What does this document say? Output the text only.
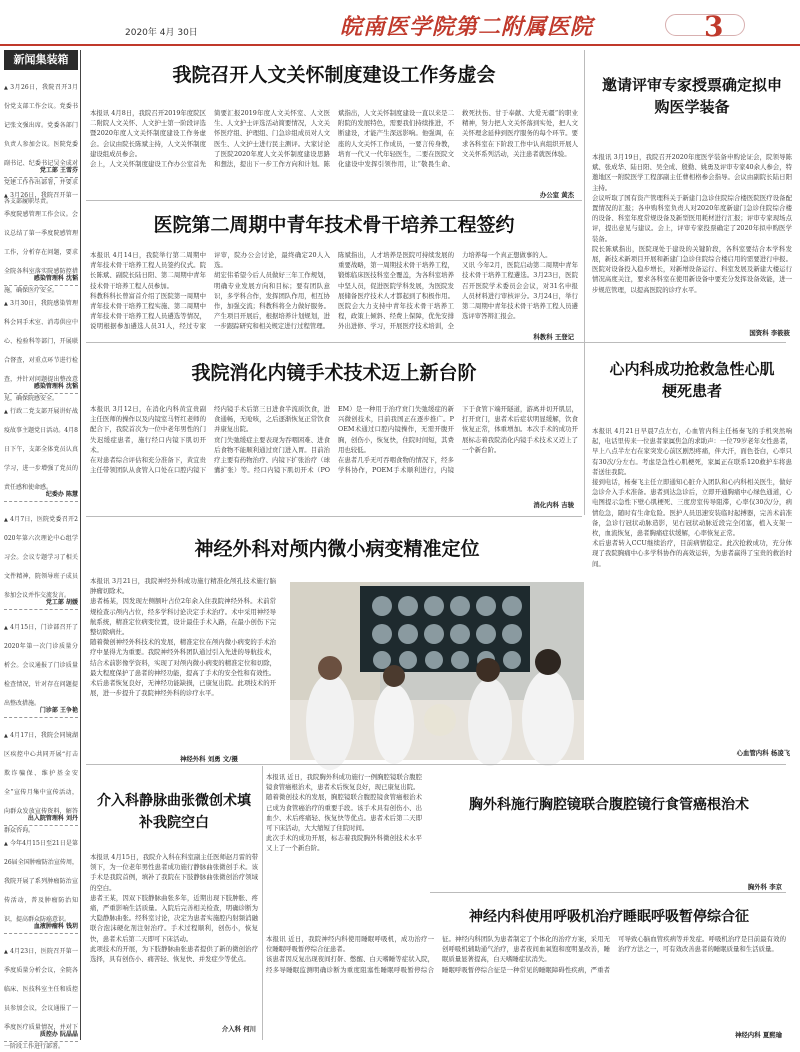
2020年 4月 30日	皖南医学院第二附属医院	3
新闻集装箱
▲ 3月26日，我院召开3月份党支部工作会议。党委书记张文强出席。党委各部门负责人参加会议。医院党委副书记、纪委书记吴全成对党建工作作出部署，并要求各支部履职尽责。
党工部 王雪芬
▲ 3月26日，我院召开第一季度院感管理工作会议。会议总结了第一季度院感管理工作，分析存在问题，要求全院各科室落实院感防控措施，确保医疗安全。
感染管理科 沈韬
▲ 3月30日，我院感染管理科会同手术室、消毒供应中心、检验科等部门，开展联合督查，对重点环节进行检查，并针对问题提出整改意见，确保院感安全。
感染管理科 沈韬
▲ 行政二党支部开展讲好战疫故事主题党日活动。4月8日下午，支部全体党员认真学习，进一步增强了党员的责任感和使命感。
纪委办 陈慧
▲ 4月7日，医院党委召开2020年第六次理论中心组学习会。会议专题学习了相关文件精神，院领导班子成员参加会议并作交流发言。
党工部 胡媛
▲ 4月15日，门诊部召开了2020年第一次门诊质量分析会。会议通报了门诊质量检查情况，针对存在问题提出整改措施。
门诊部 王争艳
▲ 4月17日，我院会同镜湖区疾控中心共同开展“打击欺诈骗保、维护基金安全”宣传月集中宣传活动，向群众发放宣传资料，解答群众咨询。
出入院管理科 刘丹
▲ 今年4月15日至21日是第26届全国肿瘤防治宣传周，我院开展了系列肿瘤防治宣传活动，普及肿瘤防治知识，提高群众防癌意识。
血液肿瘤科 钱玥
▲ 4月23日，医院召开第一季度质量分析会议，全院各临床、医技科室主任和质控员参加会议，会议通报了一季度医疗质量情况，并对下一阶段工作进行部署。
质控办 阮晶晶
我院召开人文关怀制度建设工作务虚会
本报讯 4月8日，我院召开2019年度院区二附院人文关怀、人文护士第一阶段评选暨2020年度人文关怀制度建设工作务虚会。会议由院长陈斌主持，人文关怀制度建设组成员参会。
会上，人文关怀制度建设工作办公室首先简要汇报2019年度人文关怀室、人文医生、人文护士评选活动简要情况，人文关怀医疗组、护理组、门急诊组成员对人文医生、人文护士进行民主测评。大家讨论了医院2020年度人文关怀制度建设思路和想法，提出下一步工作方向和计划。陈斌指出，人文关怀制度建设一直以来是二附院的发展特色，需要我们持续推进，不断建设，才能产生深远影响。他强调，在座的人文关怀工作成员，一要言传身教，培育一代又一代年轻医生，二要在医院文化建设中发挥引领作用，让“敬畏生命、救死扶伤、甘于奉献、大爱无疆”的职业精神，努力把人文关怀落到实处，把人文关怀理念延伸到医疗服务的每个环节。要求各科室在下阶段工作中认真组织开展人文关怀系列活动，关注患者就医体验。
办公室 黄杰
医院第二周期中青年技术骨干培养工程签约
本报讯 4月14日，我院举行第二周期中青年技术骨干培养工程人员签约仪式。院长陈斌、副院长陆日阳、第二周期中青年技术骨干培养工程人员参加。
科教科科长曾富首介绍了医院第一周期中青年技术骨干培养工程实施、第二周期中青年技术骨干培养工程人员遴选等情况，说明根据参加遴选人员31人，经过专家评审，院办公会讨论，最终确定20人入选。
胡宏伟希望今后人员做好三年工作规划，明确专业发展方向和目标；要有团队意识，多学科合作，发挥团队作用，相互协作，加强交流；科教科将全力做好服务。产生项目开展后，根据培养计划规划，进一步跟踪研究和相关规定进行过程管理。
陈斌指出，人才培养是医院可持续发展的重要战略，第一周期技术骨干培养工程，锻炼临床医技科室全覆盖，为各科室培养中坚人员，促进医院学科发展，为医院发展储备医疗技术人才都起到了积极作用。医院会大力支持中青年技术骨干培养工程，政策上倾斜、经费上保障，优先安排外出进修、学习，开展医疗技术培训，全力培养每一个真正想做事的人。
又讯 今年2月，医院启动第二周期中青年技术骨干培养工程遴选。3月23日，医院召开医院学术委员会会议，对31名申报人员材料进行审核评分。3月24日，举行第二周期中青年技术骨干培养工程人员遴选评审答辩汇报会。
科教科 王登记
邀请评审专家授票确定拟申购医学装备
本报讯 3月19日，我院召开2020年度医学装备申购论证会，院领导陈斌、张成华、陆日阳、吴全成、殷勤、姚勇及评审专家40余人参会，特邀地区一附院医学工程部副主任曹相格参会指导。会议由副院长陆日阳主持。
会议听取了国有资产管理科关于新建门急诊住院综合楼医院医疗设备配置情况的汇报；各申购科室负责人对2020年度新建门急诊住院综合楼的设备、科室年度常规设备及新型医用耗材进行汇报；评审专家现场点评，提出意见与建议。会上，评审专家投票确定了2020年拟申购医学装备。
院长陈斌指出，医院现处于建设的关键阶段，各科室要结合本学科发展，新技术新项目开展和新建门急诊住院综合楼启用的需要进行申报。医院对设备投入稳步增长，对新增设备运行、科室发展及新建大楼运行情况高度关注，要求各科室在使用新设备中要充分发挥设备效能，进一步规范管理，以提高医院的诊疗水平。
国资科 李筱筱
我院消化内镜手术技术迈上新台阶
本报讯 3月12日，在消化内科黄宜贵副主任医师的操作以及内镜室马哲红老师的配合下，我院首次为一位中老年男性的门失迟缓症患者，施行经口内镜下肌切开术。
在对患者综合评估和充分准备下，黄宜贵主任带领团队从食管入口处在口腔内镜下经内镜手术后第三日进食半流质饮食，进食通畅，无呛咳，之后逐渐恢复正常饮食并康复出院。
贲门失弛缓症主要表现为吞咽困难、进食后食物不能顺利通过贲门进入胃。目前治疗主要有药物治疗、内镜下扩张治疗（球囊扩张）等。经口内镜下肌切开术（POEM）是一种用于治疗贲门失弛缓症的新兴微创技术，目前我国正在逐步推广。POEM术通过口腔内镜操作，无需开腹开胸，创伤小，恢复快，住院时间短，其费用也较低。
在患者几乎无可吞咽食物的情况下，经多学科协作，POEM手术顺利进行，内镜下于食管下端开隧道，游离并切开肌层，打开贲门，患者术后症状明显缓解，饮食恢复正常，体重增加。本次手术的成功开展标志着我院消化内镜手术技术又迈上了一个新台阶。
消化内科 吉骏
心内科成功抢救急性心肌梗死患者
本报讯 4月21日早晨7点左右，心血管内科主任杨秦飞的手机突然响起，电话里传来一位患者家属焦急的求助声：一位79岁老年女性患者，早上八点半左右在家突发心前区剧烈疼痛，伴大汗，面色苍白，心率只有30次/分左右。考虑是急性心肌梗死，家属正在联系120救护车将患者送往我院。
接到电话，杨秦飞主任立即通知心脏介入团队和心内科相关医生，做好急诊介入手术准备。患者到达急诊后，立即开通胸痛中心绿色通道，心电图提示急性下壁心肌梗死、三度房室传导阻滞，心率仅30次/分，病情危急，随时有生命危险。医护人员迅速安装临时起搏器，完善术前准备，急诊行冠状动脉造影，见右冠状动脉近段完全闭塞，植入支架一枚，血流恢复，患者胸痛症状缓解，心率恢复正常。
术后患者转入CCU继续治疗，目前病情稳定。此次抢救成功，充分体现了我院胸痛中心多学科协作的高效运转，为患者赢得了宝贵的救治时间。
心血管内科 杨凌飞
神经外科对颅内微小病变精准定位
本报讯 3月21日，我院神经外科成功施行精准化颅孔技术施行脑肿瘤切除术。
患者杨某，因发现左侧额叶占位2年余入住我院神经外科。术前常规检查示颅内占位，经多学科讨论决定手术治疗。术中采用神经导航系统，精准定位病变位置，设计最佳手术入路，在最小创伤下完整切除病灶。
随着微创神经外科技术的发展，精准定位在颅内微小病变的手术治疗中显得尤为重要。我院神经外科团队通过引入先进的导航技术，结合术前影像学资料，实现了对颅内微小病变的精准定位和切除，最大程度保护了患者的神经功能，提高了手术的安全性和有效性。
术后患者恢复良好，无神经功能缺损，已康复出院。此项技术的开展，进一步提升了我院神经外科的诊疗水平。
神经外科 刘勇 文/摄
介入科静脉曲张微创术填补我院空白
本报讯 4月15日，我院介入科在科室副主任医师赵月雷的带领下，为一位老年男性患者成功施行静脉曲张微创手术。该手术是我院首例，填补了我院在下肢静脉曲张微创治疗领域的空白。
患者王某，因双下肢静脉曲张多年，近期出现下肢肿胀、疼痛，严重影响生活质量。入院后完善相关检查，明确诊断为大隐静脉曲张。经科室讨论，决定为患者实施腔内射频消融联合泡沫硬化剂注射治疗。手术过程顺利，创伤小，恢复快，患者术后第二天即可下床活动。
此项技术的开展，为下肢静脉曲张患者提供了新的微创治疗选择，具有创伤小、痛苦轻、恢复快、并发症少等优点。
介入科 何川
本报讯 近日，我院胸外科成功施行一例胸腔镜联合腹腔镜食管癌根治术，患者术后恢复良好，现已康复出院。
随着微创技术的发展，胸腔镜联合腹腔镜食管癌根治术已成为食管癌治疗的重要手段。该手术具有创伤小、出血少、术后疼痛轻、恢复快等优点。患者术后第二天即可下床活动，大大缩短了住院时间。
此次手术的成功开展，标志着我院胸外科微创技术水平又上了一个新台阶。
胸外科施行胸腔镜联合腹腔镜行食管癌根治术
胸外科 李京
神经内科使用呼吸机治疗睡眠呼吸暂停综合征
本报讯 近日，我院神经内科使用睡眠呼吸机，成功治疗一位睡眠呼吸暂停综合征患者。
该患者因反复出现夜间打鼾、憋醒、白天嗜睡等症状入院，经多导睡眠监测明确诊断为重度阻塞性睡眠呼吸暂停综合征。神经内科团队为患者制定了个体化的治疗方案，采用无创呼吸机辅助通气治疗，患者夜间血氧饱和度明显改善，睡眠质量显著提高，白天嗜睡症状消失。
睡眠呼吸暂停综合征是一种常见的睡眠障碍性疾病，严重者可导致心脑血管疾病等并发症。呼吸机治疗是目前最有效的治疗方法之一，可有效改善患者的睡眠质量和生活质量。
神经内科 夏熙瑜
